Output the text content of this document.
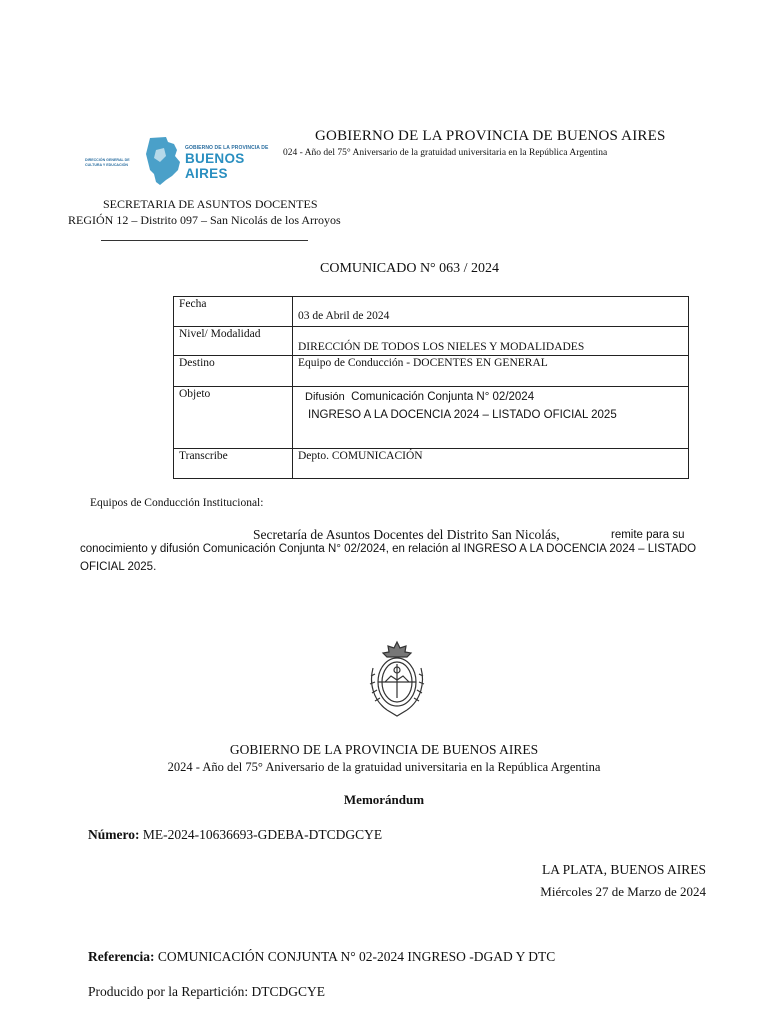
DIRECCIÓN GENERAL DE
CULTURA Y EDUCACIÓN
GOBIERNO DE LA PROVINCIA DE
BUENOS AIRES
GOBIERNO DE LA PROVINCIA DE BUENOS AIRES
024 - Año del 75° Aniversario de la gratuidad universitaria en la República Argentina
SECRETARIA DE ASUNTOS DOCENTES
REGIÓN 12 – Distrito 097 – San Nicolás de los Arroyos
COMUNICADO N° 063 / 2024
Fecha	03 de Abril de 2024

Nivel/ Modalidad	DIRECCIÓN DE TODOS LOS NIELES Y MODALIDADES

Destino	Equipo de Conducción - DOCENTES EN GENERAL
Objeto	Difusión Comunicación Conjunta N° 02/2024
INGRESO A LA DOCENCIA 2024 – LISTADO OFICIAL 2025

Transcribe	Depto. COMUNICACIÓN
Equipos de Conducción Institucional:
Secretaría de Asuntos Docentes del Distrito San Nicolás,	remite para su
conocimiento y difusión Comunicación Conjunta N° 02/2024, en relación al INGRESO A LA DOCENCIA 2024 – LISTADO
OFICIAL 2025.
GOBIERNO DE LA PROVINCIA DE BUENOS AIRES
2024 - Año del 75° Aniversario de la gratuidad universitaria en la República Argentina
Memorándum
Número: ME-2024-10636693-GDEBA-DTCDGCYE
LA PLATA, BUENOS AIRES
Miércoles 27 de Marzo de 2024
Referencia: COMUNICACIÓN CONJUNTA N° 02-2024 INGRESO -DGAD Y DTC
Producido por la Repartición: DTCDGCYE
